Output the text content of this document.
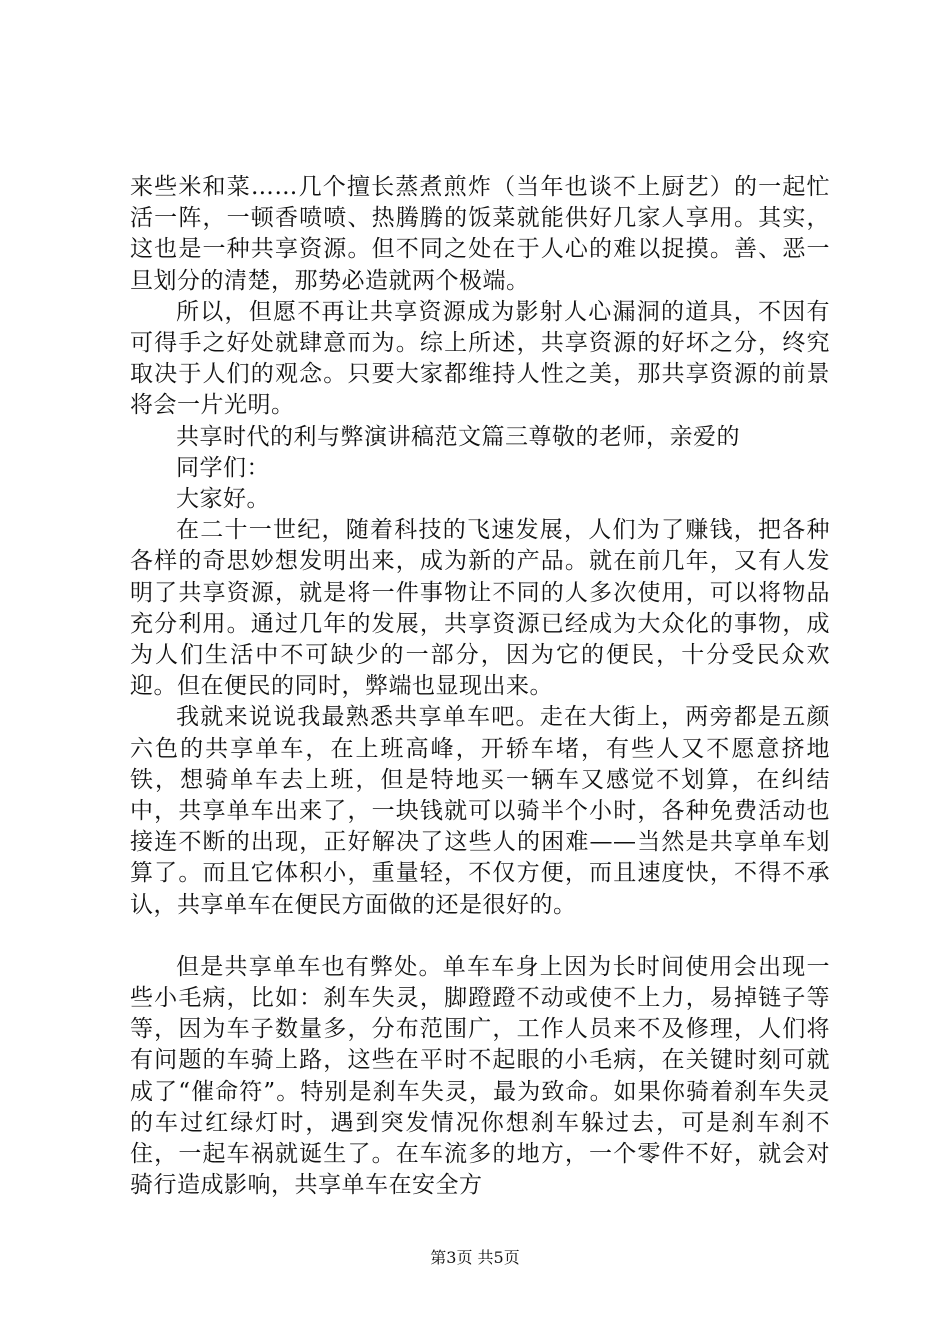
来些米和菜……几个擅长蒸煮煎炸（当年也谈不上厨艺）的一起忙活一阵，一顿香喷喷、热腾腾的饭菜就能供好几家人享用。其实，这也是一种共享资源。但不同之处在于人心的难以捉摸。善、恶一旦划分的清楚，那势必造就两个极端。

所以，但愿不再让共享资源成为影射人心漏洞的道具，不因有可得手之好处就肆意而为。综上所述，共享资源的好坏之分，终究取决于人们的观念。只要大家都维持人性之美，那共享资源的前景将会一片光明。

共享时代的利与弊演讲稿范文篇三尊敬的老师，亲爱的

同学们：

大家好。

在二十一世纪，随着科技的飞速发展，人们为了赚钱，把各种各样的奇思妙想发明出来，成为新的产品。就在前几年，又有人发明了共享资源，就是将一件事物让不同的人多次使用，可以将物品充分利用。通过几年的发展，共享资源已经成为大众化的事物，成为人们生活中不可缺少的一部分，因为它的便民，十分受民众欢迎。但在便民的同时，弊端也显现出来。

我就来说说我最熟悉共享单车吧。走在大街上，两旁都是五颜六色的共享单车，在上班高峰，开轿车堵，有些人又不愿意挤地铁，想骑单车去上班，但是特地买一辆车又感觉不划算，在纠结中，共享单车出来了，一块钱就可以骑半个小时，各种免费活动也接连不断的出现，正好解决了这些人的困难——当然是共享单车划算了。而且它体积小，重量轻，不仅方便，而且速度快，不得不承认，共享单车在便民方面做的还是很好的。

但是共享单车也有弊处。单车车身上因为长时间使用会出现一些小毛病，比如：刹车失灵，脚蹬蹬不动或使不上力，易掉链子等等，因为车子数量多，分布范围广，工作人员来不及修理，人们将有问题的车骑上路，这些在平时不起眼的小毛病，在关键时刻可就成了“催命符”。特别是刹车失灵，最为致命。如果你骑着刹车失灵的车过红绿灯时，遇到突发情况你想刹车躲过去，可是刹车刹不住，一起车祸就诞生了。在车流多的地方，一个零件不好，就会对骑行造成影响，共享单车在安全方

第3页 共5页
